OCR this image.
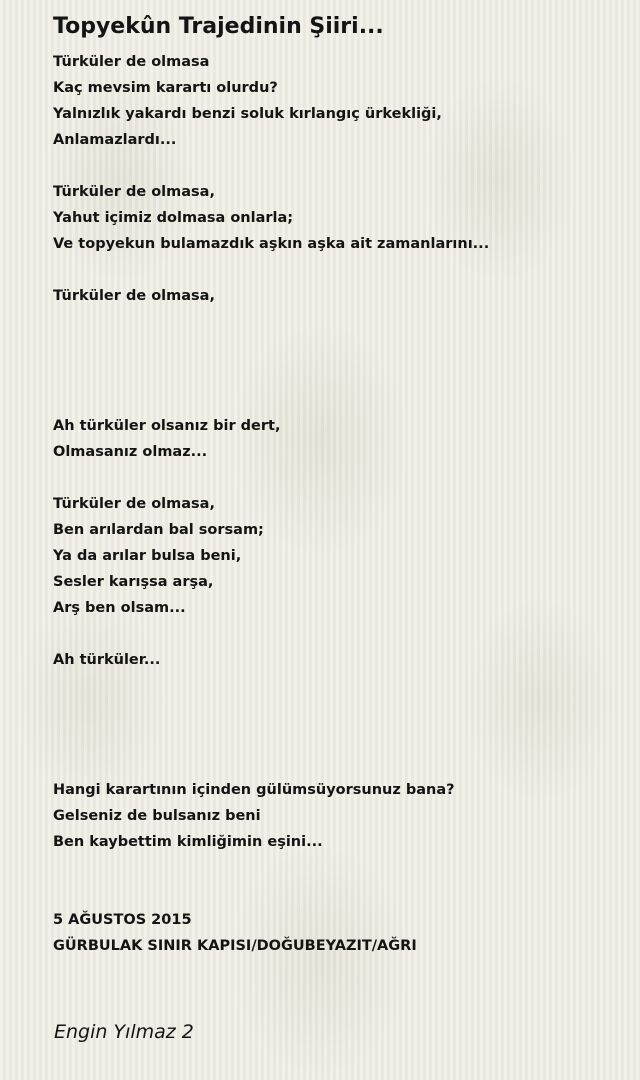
Topyekûn Trajedinin Şiiri...
Türküler de olmasa
Kaç mevsim karartı olurdu?
Yalnızlık yakardı benzi soluk kırlangıç ürkekliği,
Anlamazlardı...
Türküler de olmasa,
Yahut içimiz dolmasa onlarla;
Ve topyekun bulamazdık aşkın aşka ait zamanlarını...
Türküler de olmasa,
Ah türküler olsanız bir dert,
Olmasanız olmaz...
Türküler de olmasa,
Ben arılardan bal sorsam;
Ya da arılar bulsa beni,
Sesler karışsa arşa,
Arş ben olsam...
Ah türküler...
Hangi karartının içinden gülümsüyorsunuz bana?
Gelseniz de bulsanız beni
Ben kaybettim kimliğimin eşini...
5 AĞUSTOS 2015
GÜRBULAK SINIR KAPISI/DOĞUBEYAZIT/AĞRI
Engin Yılmaz 2
